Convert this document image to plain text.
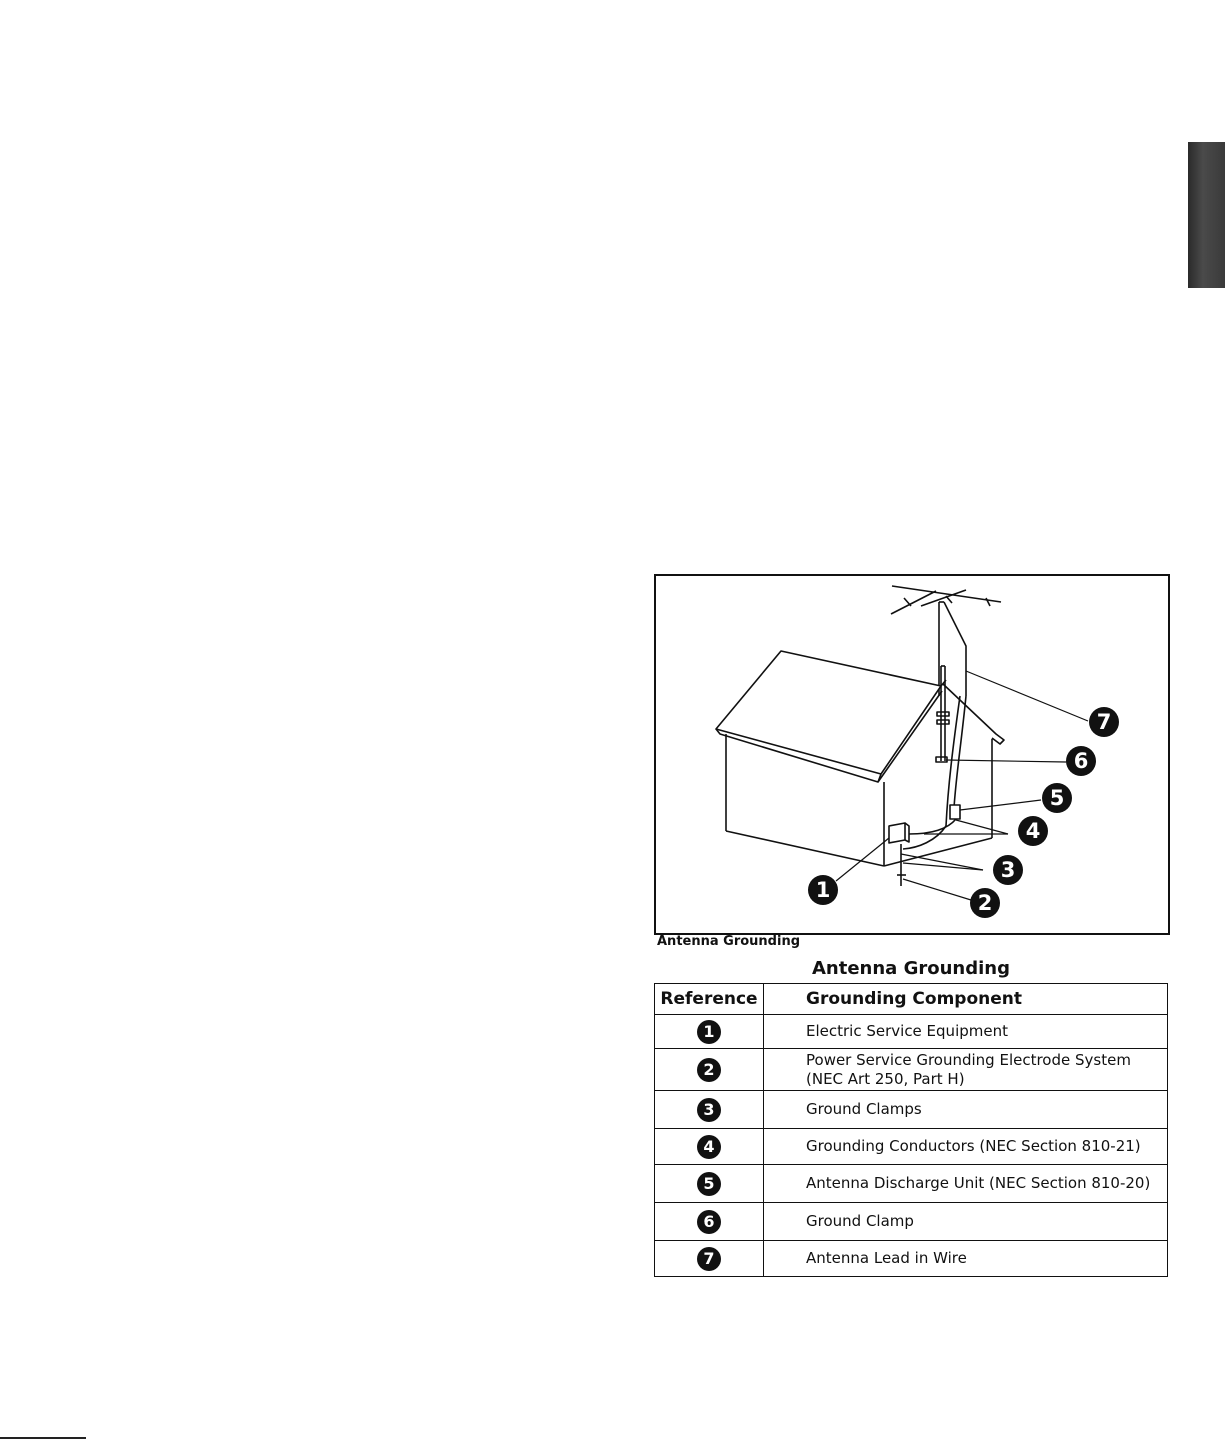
7
6
5
4
3
2
1
Antenna Grounding
Antenna Grounding
Reference	Grounding Component
1	Electric Service Equipment
2	Power Service Grounding Electrode System
(NEC Art 250, Part H)
3	Ground Clamps
4	Grounding Conductors (NEC Section 810-21)
5	Antenna Discharge Unit (NEC Section 810-20)
6	Ground Clamp
7	Antenna Lead in Wire
